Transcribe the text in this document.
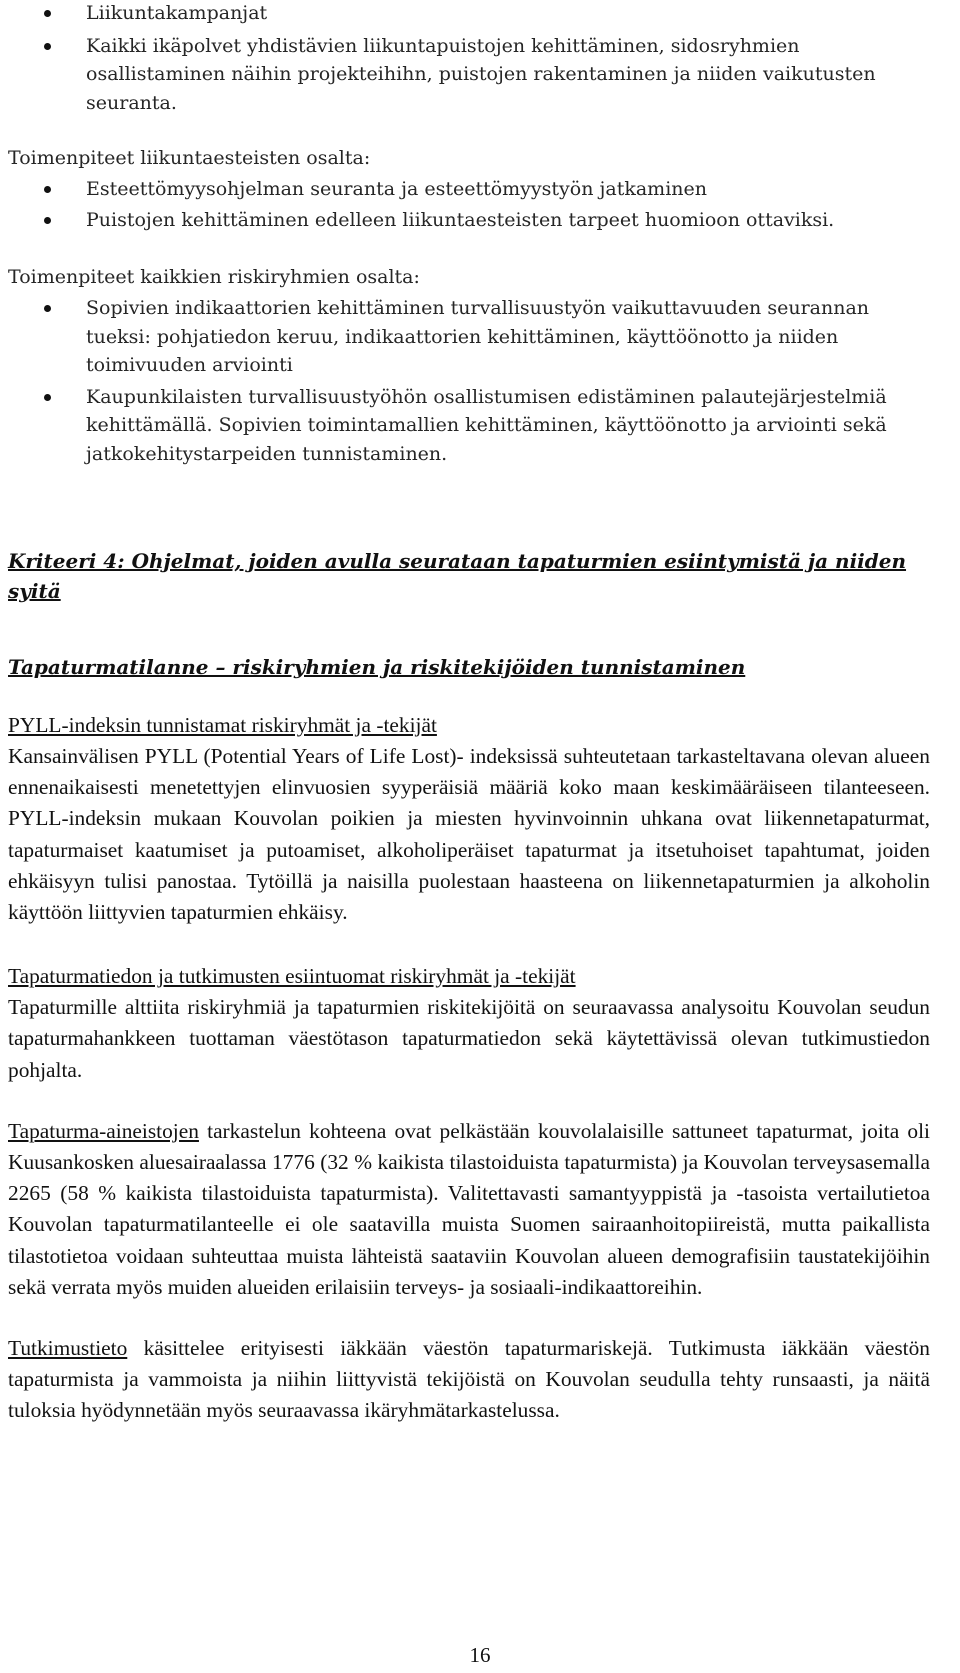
Liikuntakampanjat
Kaikki ikäpolvet yhdistävien liikuntapuistojen kehittäminen, sidosryhmien osallistaminen näihin projekteihihn, puistojen rakentaminen ja niiden vaikutusten seuranta.

Toimenpiteet liikuntaesteisten osalta:

Esteettömyysohjelman seuranta ja esteettömyystyön jatkaminen
Puistojen kehittäminen edelleen liikuntaesteisten tarpeet huomioon ottaviksi.

Toimenpiteet kaikkien riskiryhmien osalta:

Sopivien indikaattorien kehittäminen turvallisuustyön vaikuttavuuden seurannan tueksi: pohjatiedon keruu, indikaattorien kehittäminen, käyttöönotto ja niiden toimivuuden arviointi
Kaupunkilaisten turvallisuustyöhön osallistumisen edistäminen palautejärjestelmiä kehittämällä. Sopivien toimintamallien kehittäminen, käyttöönotto ja arviointi sekä jatkokehitystarpeiden tunnistaminen.

Kriteeri 4: Ohjelmat, joiden avulla seurataan tapaturmien esiintymistä ja niiden syitä

Tapaturmatilanne – riskiryhmien ja riskitekijöiden tunnistaminen

PYLL-indeksin tunnistamat riskiryhmät ja -tekijät

Kansainvälisen PYLL (Potential Years of Life Lost)- indeksissä suhteutetaan tarkasteltavana olevan alueen ennenaikaisesti menetettyjen elinvuosien syyperäisiä määriä koko maan keskimääräiseen tilanteeseen. PYLL-indeksin mukaan Kouvolan poikien ja miesten hyvinvoinnin uhkana ovat liikennetapaturmat, tapaturmaiset kaatumiset ja putoamiset, alkoholiperäiset tapaturmat ja itsetuhoiset tapahtumat, joiden ehkäisyyn tulisi panostaa. Tytöillä ja naisilla puolestaan haasteena on liikennetapaturmien ja alkoholin käyttöön liittyvien tapaturmien ehkäisy.

Tapaturmatiedon ja tutkimusten esiintuomat riskiryhmät ja -tekijät

Tapaturmille alttiita riskiryhmiä ja tapaturmien riskitekijöitä on seuraavassa analysoitu Kouvolan seudun tapaturmahankkeen tuottaman väestötason tapaturmatiedon sekä käytettävissä olevan tutkimustiedon pohjalta.

Tapaturma-aineistojen tarkastelun kohteena ovat pelkästään kouvolalaisille sattuneet tapaturmat, joita oli Kuusankosken aluesairaalassa 1776 (32 % kaikista tilastoiduista tapaturmista) ja Kouvolan terveysasemalla 2265 (58 % kaikista tilastoiduista tapaturmista). Valitettavasti samantyyppistä ja -tasoista vertailutietoa Kouvolan tapaturmatilanteelle ei ole saatavilla muista Suomen sairaanhoitopiireistä, mutta paikallista tilastotietoa voidaan suhteuttaa muista lähteistä saataviin Kouvolan alueen demografisiin taustatekijöihin sekä verrata myös muiden alueiden erilaisiin terveys- ja sosiaali-indikaattoreihin.

Tutkimustieto käsittelee erityisesti iäkkään väestön tapaturmariskejä. Tutkimusta iäkkään väestön tapaturmista ja vammoista ja niihin liittyvistä tekijöistä on Kouvolan seudulla tehty runsaasti, ja näitä tuloksia hyödynnetään myös seuraavassa ikäryhmätarkastelussa.

16
